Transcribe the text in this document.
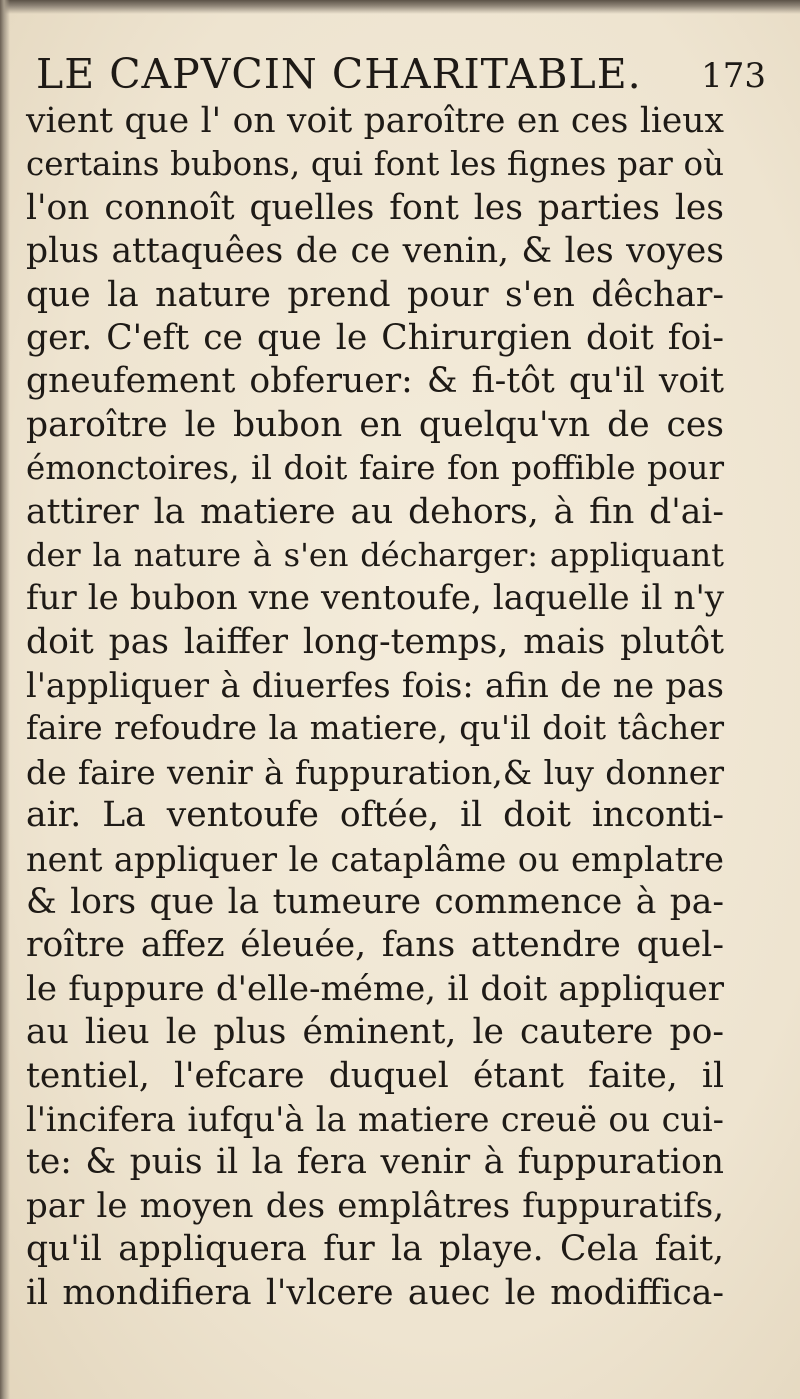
LE CAPVCIN CHARITABLE. 173
vient que l' on voit paroître en ces lieux
certains bubons, qui font les fignes par où
l'on connoît quelles font les parties les
plus attaquêes de ce venin, & les voyes
que la nature prend pour s'en dêchar-
ger. C'eft ce que le Chirurgien doit foi-
gneufement obferuer: & fi-tôt qu'il voit
paroître le bubon en quelqu'vn de ces
émonctoires, il doit faire fon poffible pour
attirer la matiere au dehors, à fin d'ai-
der la nature à s'en décharger: appliquant
fur le bubon vne ventoufe, laquelle il n'y
doit pas laiffer long-temps, mais plutôt
l'appliquer à diuerfes fois: afin de ne pas
faire refoudre la matiere, qu'il doit tâcher
de faire venir à fuppuration,& luy donner
air. La ventoufe oftée, il doit inconti-
nent appliquer le cataplâme ou emplatre
& lors que la tumeure commence à pa-
roître affez éleuée, fans attendre quel-
le fuppure d'elle-méme, il doit appliquer
au lieu le plus éminent, le cautere po-
tentiel, l'efcare duquel étant faite, il
l'incifera iufqu'à la matiere creuë ou cui-
te: & puis il la fera venir à fuppuration
par le moyen des emplâtres fuppuratifs,
qu'il appliquera fur la playe. Cela fait,
il mondifiera l'vlcere auec le modiffica-
